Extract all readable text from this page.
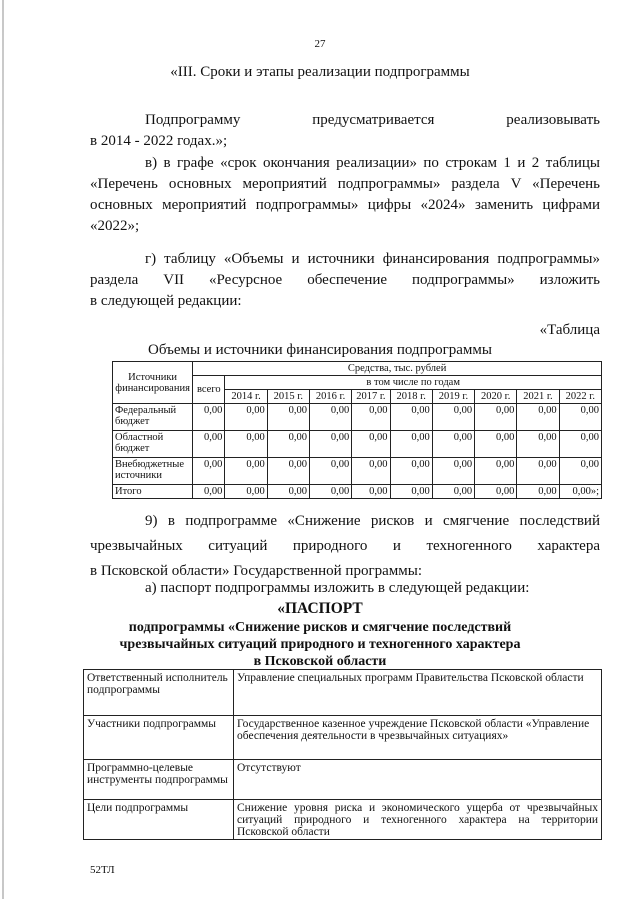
27
«III. Сроки и этапы реализации подпрограммы
Подпрограмму	предусматривается	реализовывать
в 2014 - 2022 годах.»;
в) в графе «срок окончания реализации» по строкам 1 и 2 таблицы
«Перечень основных мероприятий подпрограммы» раздела V «Перечень
основных мероприятий подпрограммы» цифры «2024» заменить цифрами
«2022»;
г) таблицу «Объемы и источники финансирования подпрограммы»
раздела VII «Ресурсное обеспечение подпрограммы» изложить
в следующей редакции:
«Таблица
Объемы и источники финансирования подпрограммы
Источники финансирования	Средства, тыс. рублей									
	всего	в том числе по годам								
		2014 г.	2015 г.	2016 г.	2017 г.	2018 г.	2019 г.	2020 г.	2021 г.	2022 г.
Федеральный бюджет	0,00	0,00	0,00	0,00	0,00	0,00	0,00	0,00	0,00	0,00
Областной бюджет	0,00	0,00	0,00	0,00	0,00	0,00	0,00	0,00	0,00	0,00
Внебюджетные источники	0,00	0,00	0,00	0,00	0,00	0,00	0,00	0,00	0,00	0,00
Итого	0,00	0,00	0,00	0,00	0,00	0,00	0,00	0,00	0,00	0,00»;
9) в подпрограмме «Снижение рисков и смягчение последствий
чрезвычайных ситуаций природного и техногенного характера
в Псковской области» Государственной программы:
а) паспорт подпрограммы изложить в следующей редакции:
«ПАСПОРТ
подпрограммы «Снижение рисков и смягчение последствий
чрезвычайных ситуаций природного и техногенного характера
в Псковской области
Ответственный исполнитель подпрограммы	Управление специальных программ Правительства Псковской области
Участники подпрограммы	Государственное казенное учреждение Псковской области «Управление обеспечения деятельности в чрезвычайных ситуациях»
Программно-целевые инструменты подпрограммы	Отсутствуют
Цели подпрограммы	Снижение уровня риска и экономического ущерба от чрезвычайных ситуаций природного и техногенного характера на территории Псковской области
52ТЛ
